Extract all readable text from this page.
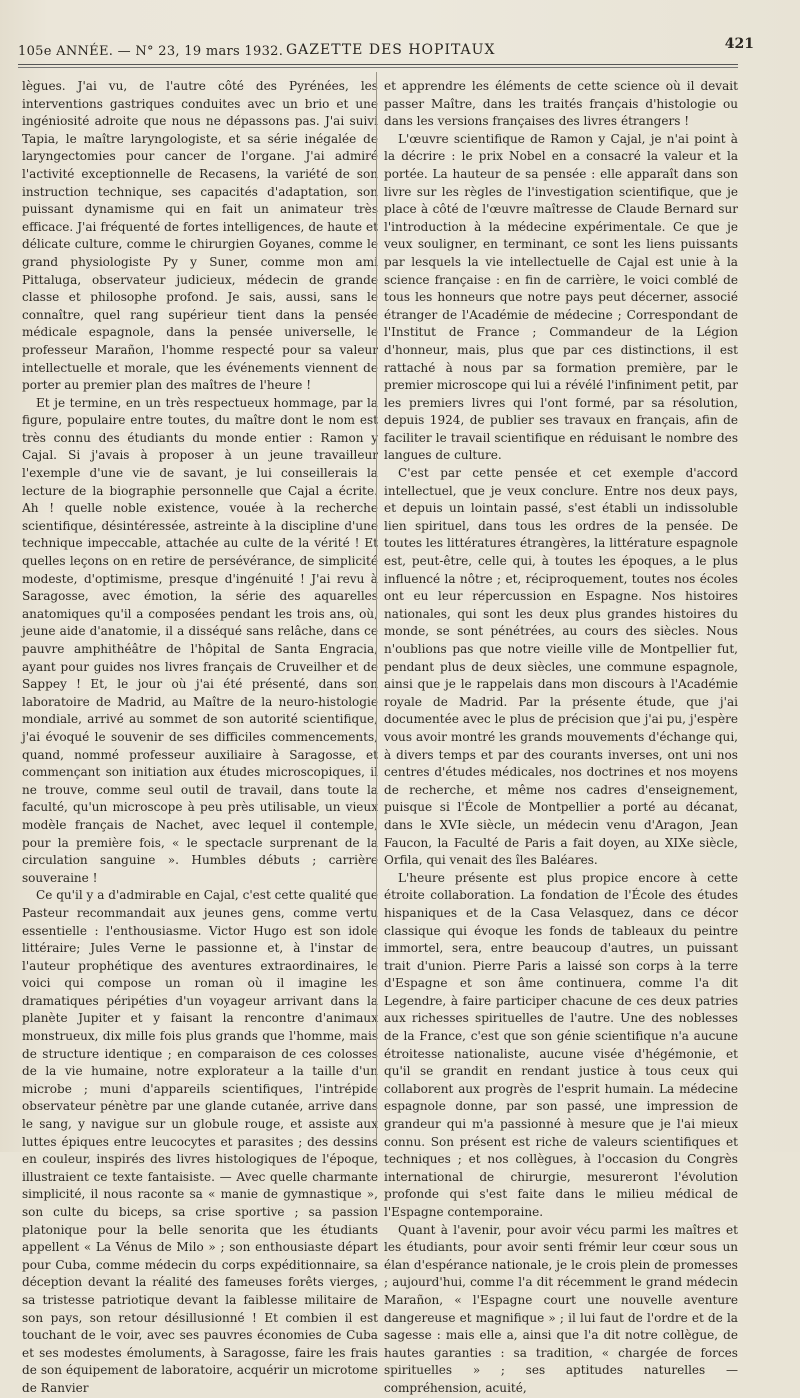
105e ANNÉE. — N° 23, 19 mars 1932. GAZETTE DES HOPITAUX	421

lègues. J'ai vu, de l'autre côté des Pyrénées, les interventions gastriques conduites avec un brio et une ingéniosité adroite que nous ne dépassons pas. J'ai suivi Tapia, le maître laryngologiste, et sa série inégalée de laryngectomies pour cancer de l'organe. J'ai admiré l'activité exceptionnelle de Recasens, la variété de son instruction technique, ses capacités d'adaptation, son puissant dynamisme qui en fait un animateur très efficace. J'ai fréquenté de fortes intelligences, de haute et délicate culture, comme le chirurgien Goyanes, comme le grand physiologiste Py y Suner, comme mon ami Pittaluga, observateur judicieux, médecin de grande classe et philosophe profond. Je sais, aussi, sans le connaître, quel rang supérieur tient dans la pensée médicale espagnole, dans la pensée universelle, le professeur Marañon, l'homme respecté pour sa valeur intellectuelle et morale, que les événements viennent de porter au premier plan des maîtres de l'heure !

Et je termine, en un très respectueux hommage, par la figure, populaire entre toutes, du maître dont le nom est très connu des étudiants du monde entier : Ramon y Cajal. Si j'avais à proposer à un jeune travailleur l'exemple d'une vie de savant, je lui conseillerais la lecture de la biographie personnelle que Cajal a écrite. Ah ! quelle noble existence, vouée à la recherche scientifique, désintéressée, astreinte à la discipline d'une technique impeccable, attachée au culte de la vérité ! Et quelles leçons on en retire de persévérance, de simplicité modeste, d'optimisme, presque d'ingénuité ! J'ai revu à Saragosse, avec émotion, la série des aquarelles anatomiques qu'il a composées pendant les trois ans, où, jeune aide d'anatomie, il a disséqué sans relâche, dans ce pauvre amphithéâtre de l'hôpital de Santa Engracia, ayant pour guides nos livres français de Cruveilher et de Sappey ! Et, le jour où j'ai été présenté, dans son laboratoire de Madrid, au Maître de la neuro-histologie mondiale, arrivé au sommet de son autorité scientifique, j'ai évoqué le souvenir de ses difficiles commencements, quand, nommé professeur auxiliaire à Saragosse, et commençant son initiation aux études microscopiques, il ne trouve, comme seul outil de travail, dans toute la faculté, qu'un microscope à peu près utilisable, un vieux modèle français de Nachet, avec lequel il contemple, pour la première fois, « le spectacle surprenant de la circulation sanguine ». Humbles débuts ; carrière souveraine !

Ce qu'il y a d'admirable en Cajal, c'est cette qualité que Pasteur recommandait aux jeunes gens, comme vertu essentielle : l'enthousiasme. Victor Hugo est son idole littéraire; Jules Verne le passionne et, à l'instar de l'auteur prophétique des aventures extraordinaires, le voici qui compose un roman où il imagine les dramatiques péripéties d'un voyageur arrivant dans la planète Jupiter et y faisant la rencontre d'animaux monstrueux, dix mille fois plus grands que l'homme, mais de structure identique ; en comparaison de ces colosses de la vie humaine, notre explorateur a la taille d'un microbe ; muni d'appareils scientifiques, l'intrépide observateur pénètre par une glande cutanée, arrive dans le sang, y navigue sur un globule rouge, et assiste aux luttes épiques entre leucocytes et parasites ; des dessins en couleur, inspirés des livres histologiques de l'époque, illustraient ce texte fantaisiste. — Avec quelle charmante simplicité, il nous raconte sa « manie de gymnastique », son culte du biceps, sa crise sportive ; sa passion platonique pour la belle senorita que les étudiants appellent « La Vénus de Milo » ; son enthousiaste départ pour Cuba, comme médecin du corps expéditionnaire, sa déception devant la réalité des fameuses forêts vierges, sa tristesse patriotique devant la faiblesse militaire de son pays, son retour désillusionné ! Et combien il est touchant de le voir, avec ses pauvres économies de Cuba et ses modestes émoluments, à Saragosse, faire les frais de son équipement de laboratoire, acquérir un microtome de Ranvier

et apprendre les éléments de cette science où il devait passer Maître, dans les traités français d'histologie ou dans les versions françaises des livres étrangers !

L'œuvre scientifique de Ramon y Cajal, je n'ai point à la décrire : le prix Nobel en a consacré la valeur et la portée. La hauteur de sa pensée : elle apparaît dans son livre sur les règles de l'investigation scientifique, que je place à côté de l'œuvre maîtresse de Claude Bernard sur l'introduction à la médecine expérimentale. Ce que je veux souligner, en terminant, ce sont les liens puissants par lesquels la vie intellectuelle de Cajal est unie à la science française : en fin de carrière, le voici comblé de tous les honneurs que notre pays peut décerner, associé étranger de l'Académie de médecine ; Correspondant de l'Institut de France ; Commandeur de la Légion d'honneur, mais, plus que par ces distinctions, il est rattaché à nous par sa formation première, par le premier microscope qui lui a révélé l'infiniment petit, par les premiers livres qui l'ont formé, par sa résolution, depuis 1924, de publier ses travaux en français, afin de faciliter le travail scientifique en réduisant le nombre des langues de culture.

C'est par cette pensée et cet exemple d'accord intellectuel, que je veux conclure. Entre nos deux pays, et depuis un lointain passé, s'est établi un indissoluble lien spirituel, dans tous les ordres de la pensée. De toutes les littératures étrangères, la littérature espagnole est, peut-être, celle qui, à toutes les époques, a le plus influencé la nôtre ; et, réciproquement, toutes nos écoles ont eu leur répercussion en Espagne. Nos histoires nationales, qui sont les deux plus grandes histoires du monde, se sont pénétrées, au cours des siècles. Nous n'oublions pas que notre vieille ville de Montpellier fut, pendant plus de deux siècles, une commune espagnole, ainsi que je le rappelais dans mon discours à l'Académie royale de Madrid. Par la présente étude, que j'ai documentée avec le plus de précision que j'ai pu, j'espère vous avoir montré les grands mouvements d'échange qui, à divers temps et par des courants inverses, ont uni nos centres d'études médicales, nos doctrines et nos moyens de recherche, et même nos cadres d'enseignement, puisque si l'École de Montpellier a porté au décanat, dans le XVIe siècle, un médecin venu d'Aragon, Jean Faucon, la Faculté de Paris a fait doyen, au XIXe siècle, Orfila, qui venait des îles Baléares.

L'heure présente est plus propice encore à cette étroite collaboration. La fondation de l'École des études hispaniques et de la Casa Velasquez, dans ce décor classique qui évoque les fonds de tableaux du peintre immortel, sera, entre beaucoup d'autres, un puissant trait d'union. Pierre Paris a laissé son corps à la terre d'Espagne et son âme continuera, comme l'a dit Legendre, à faire participer chacune de ces deux patries aux richesses spirituelles de l'autre. Une des noblesses de la France, c'est que son génie scientifique n'a aucune étroitesse nationaliste, aucune visée d'hégémonie, et qu'il se grandit en rendant justice à tous ceux qui collaborent aux progrès de l'esprit humain. La médecine espagnole donne, par son passé, une impression de grandeur qui m'a passionné à mesure que je l'ai mieux connu. Son présent est riche de valeurs scientifiques et techniques ; et nos collègues, à l'occasion du Congrès international de chirurgie, mesureront l'évolution profonde qui s'est faite dans le milieu médical de l'Espagne contemporaine.

Quant à l'avenir, pour avoir vécu parmi les maîtres et les étudiants, pour avoir senti frémir leur cœur sous un élan d'espérance nationale, je le crois plein de promesses ; aujourd'hui, comme l'a dit récemment le grand médecin Marañon, « l'Espagne court une nouvelle aventure dangereuse et magnifique » ; il lui faut de l'ordre et de la sagesse : mais elle a, ainsi que l'a dit notre collègue, de hautes garanties : sa tradition, « chargée de forces spirituelles » ; ses aptitudes naturelles — compréhension, acuité,
